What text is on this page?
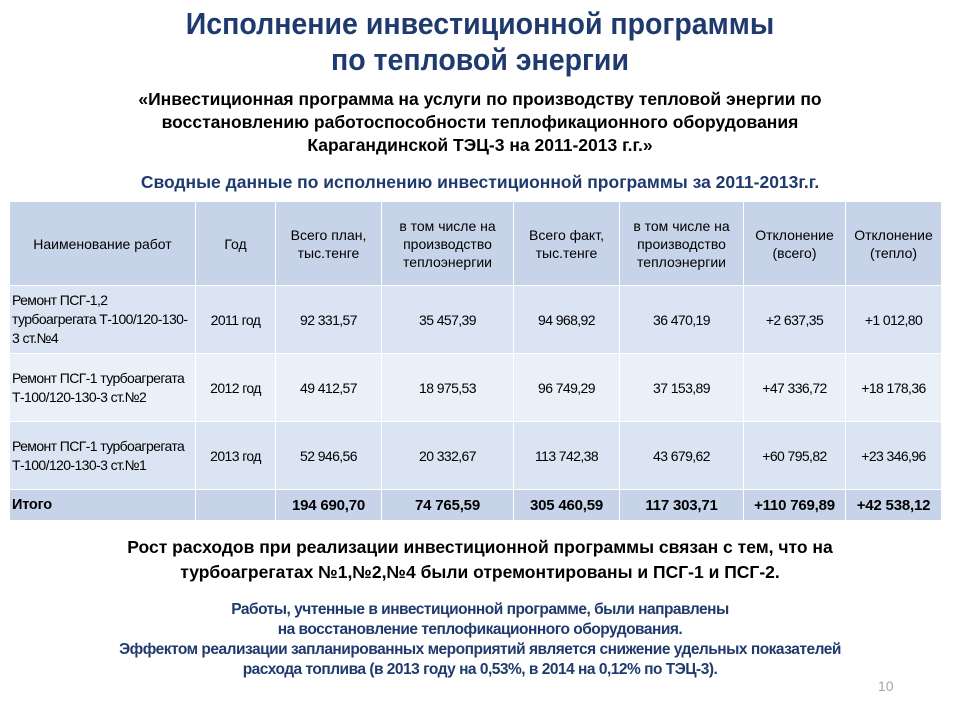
Исполнение инвестиционной программы
по тепловой энергии
«Инвестиционная программа на услуги по производству тепловой энергии по
восстановлению работоспособности теплофикационного оборудования
Карагандинской ТЭЦ-3 на 2011-2013 г.г.»
Сводные данные по исполнению инвестиционной программы за 2011-2013г.г.
Наименование работ	Год	Всего план, тыс.тенге	в том числе на производство теплоэнергии	Всего факт, тыс.тенге	в том числе на производство теплоэнергии	Отклонение (всего)	Отклонение (тепло)
Ремонт ПСГ-1,2 турбоагрегата Т-100/120-130-3 ст.№4	2011 год	92 331,57	35 457,39	94 968,92	36 470,19	+2 637,35	+1 012,80
Ремонт ПСГ-1 турбоагрегата Т-100/120-130-3 ст.№2	2012 год	49 412,57	18 975,53	96 749,29	37 153,89	+47 336,72	+18 178,36
Ремонт ПСГ-1 турбоагрегата Т-100/120-130-3 ст.№1	2013 год	52 946,56	20 332,67	113 742,38	43 679,62	+60 795,82	+23 346,96
Итого		194 690,70	74 765,59	305 460,59	117 303,71	+110 769,89	+42 538,12
Рост расходов при реализации инвестиционной программы связан с тем, что на
турбоагрегатах №1,№2,№4 были отремонтированы и ПСГ-1 и ПСГ-2.
Работы, учтенные в инвестиционной программе, были направлены
на восстановление теплофикационного оборудования.
Эффектом реализации запланированных мероприятий является снижение удельных показателей
расхода топлива (в 2013 году на 0,53%, в 2014 на 0,12% по ТЭЦ-3).
10
